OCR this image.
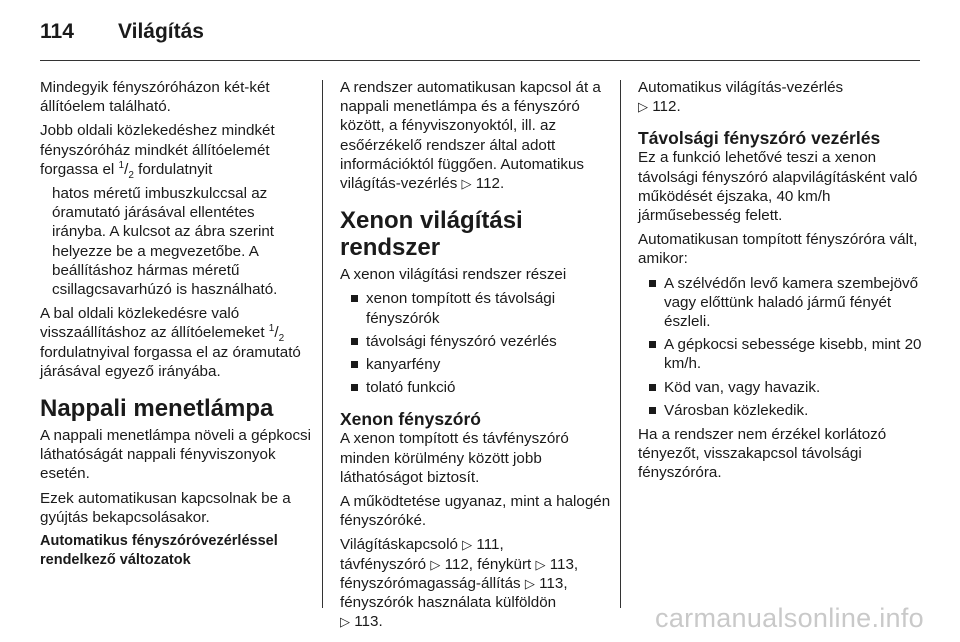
114 Világítás

Mindegyik fényszóróházon két-két állítóelem található.

Jobb oldali közlekedéshez mindkét fényszóróház mindkét állítóelemét forgassa el $^1/_2$ fordulatnyit

hatos méretű imbuszkulccsal az óramutató járásával ellentétes irányba. A kulcsot az ábra szerint helyezze be a megvezetőbe. A beállításhoz hármas méretű csillagcsavarhúzó is használható.

A bal oldali közlekedésre való visszaállításhoz az állítóelemeket $^1/_2$ fordulatnyival forgassa el az óramutató járásával egyező irányába.

Nappali menetlámpa

A nappali menetlámpa növeli a gépkocsi láthatóságát nappali fényviszonyok esetén.

Ezek automatikusan kapcsolnak be a gyújtás bekapcsolásakor.

Automatikus fényszóróvezérléssel rendelkező változatok

A rendszer automatikusan kapcsol át a nappali menetlámpa és a fényszóró között, a fényviszonyoktól, ill. az esőérzékelő rendszer által adott információktól függően. Automatikus világítás-vezérlés ▷ 112.

Xenon világítási rendszer

A xenon világítási rendszer részei

xenon tompított és távolsági fényszórók
távolsági fényszóró vezérlés
kanyarfény
tolató funkció
Xenon fényszóró

A xenon tompított és távfényszóró minden körülmény között jobb láthatóságot biztosít.

A működtetése ugyanaz, mint a halogén fényszóróké.

Világításkapcsoló ▷ 111,
távfényszóró ▷ 112, fénykürt ▷ 113,
fényszórómagasság-állítás ▷ 113,
fényszórók használata külföldön
▷ 113.

Automatikus világítás-vezérlés
▷ 112.

Távolsági fényszóró vezérlés

Ez a funkció lehetővé teszi a xenon távolsági fényszóró alapvilágításként való működését éjszaka, 40 km/h járműsebesség felett.

Automatikusan tompított fényszóróra vált, amikor:

A szélvédőn levő kamera szembejövő vagy előttünk haladó jármű fényét észleli.
A gépkocsi sebessége kisebb, mint 20 km/h.
Köd van, vagy havazik.
Városban közlekedik.

Ha a rendszer nem érzékel korlátozó tényezőt, visszakapcsol távolsági fényszóróra.

carmanualsonline.info
